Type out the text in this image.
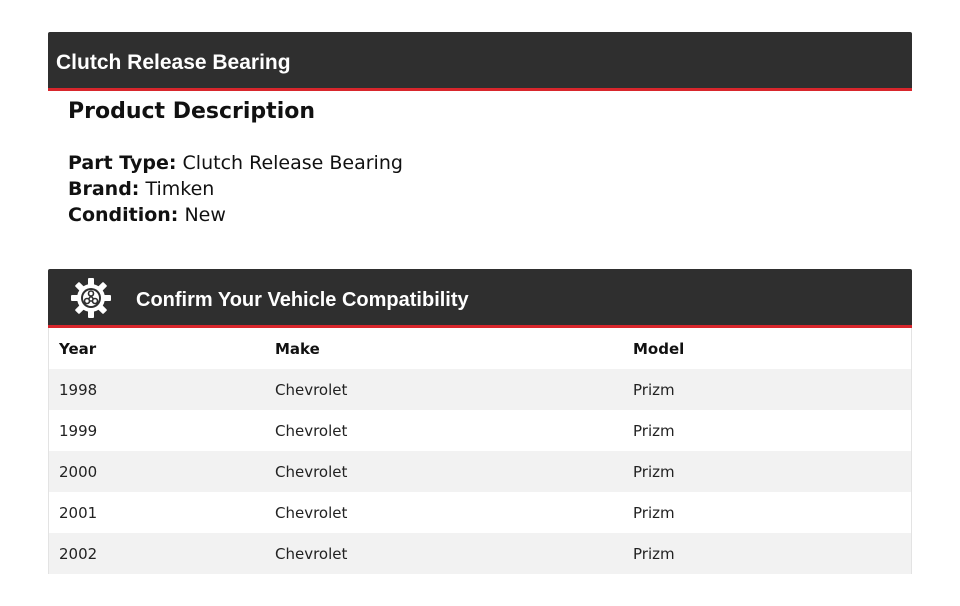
Clutch Release Bearing
Product Description
Part Type: Clutch Release Bearing
Brand: Timken
Condition: New
Confirm Your Vehicle Compatibility
Year	Make	Model
1998	Chevrolet	Prizm
1999	Chevrolet	Prizm
2000	Chevrolet	Prizm
2001	Chevrolet	Prizm
2002	Chevrolet	Prizm
